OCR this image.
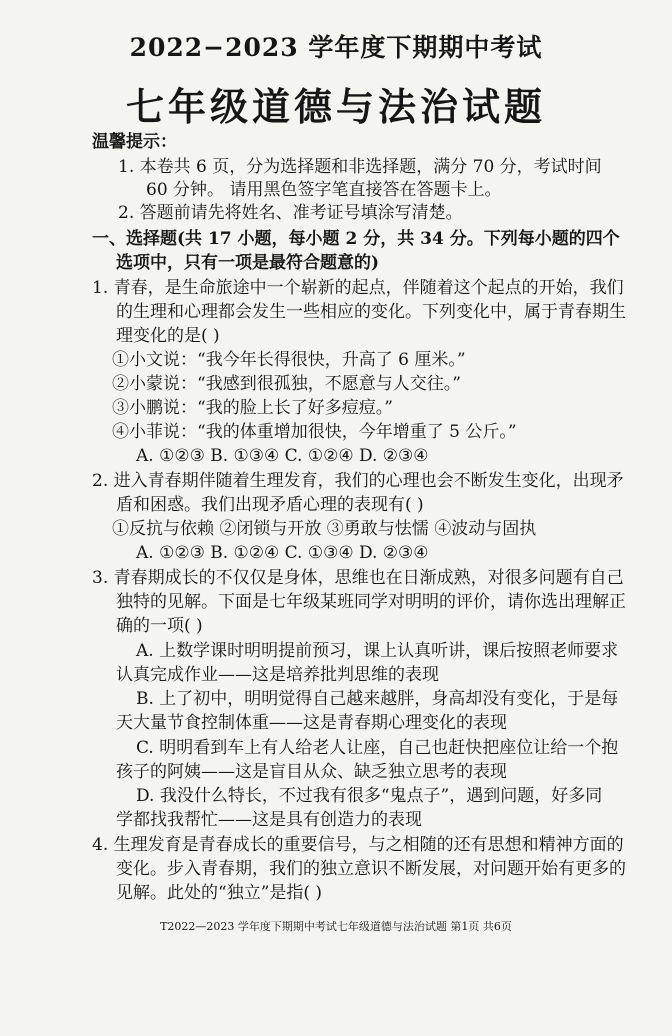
2022−2023 学年度下期期中考试
七年级道德与法治试题
温馨提示：
1. 本卷共 6 页，分为选择题和非选择题，满分 70 分，考试时间
60 分钟。 请用黑色签字笔直接答在答题卡上。
2. 答题前请先将姓名、准考证号填涂写清楚。
一、选择题(共 17 小题，每小题 2 分，共 34 分。下列每小题的四个
选项中，只有一项是最符合题意的)
1. 青春，是生命旅途中一个崭新的起点，伴随着这个起点的开始，我们
的生理和心理都会发生一些相应的变化。下列变化中，属于青春期生
理变化的是( )
①小文说：“我今年长得很快，升高了 6 厘米。”
②小蒙说：“我感到很孤独，不愿意与人交往。”
③小鹏说：“我的脸上长了好多痘痘。”
④小菲说：“我的体重增加很快，今年增重了 5 公斤。”
A. ①②③ B. ①③④ C. ①②④ D. ②③④
2. 进入青春期伴随着生理发育，我们的心理也会不断发生变化，出现矛
盾和困惑。我们出现矛盾心理的表现有( )
①反抗与依赖 ②闭锁与开放 ③勇敢与怯懦 ④波动与固执
A. ①②③ B. ①②④ C. ①③④ D. ②③④
3. 青春期成长的不仅仅是身体，思维也在日渐成熟，对很多问题有自己
独特的见解。下面是七年级某班同学对明明的评价，请你选出理解正
确的一项( )
A. 上数学课时明明提前预习，课上认真听讲，课后按照老师要求
认真完成作业——这是培养批判思维的表现
B. 上了初中，明明觉得自己越来越胖，身高却没有变化，于是每
天大量节食控制体重——这是青春期心理变化的表现
C. 明明看到车上有人给老人让座，自己也赶快把座位让给一个抱
孩子的阿姨——这是盲目从众、缺乏独立思考的表现
D. 我没什么特长，不过我有很多“鬼点子”，遇到问题，好多同
学都找我帮忙——这是具有创造力的表现
4. 生理发育是青春成长的重要信号，与之相随的还有思想和精神方面的
变化。步入青春期，我们的独立意识不断发展，对问题开始有更多的
见解。此处的“独立”是指( )
T2022—2023 学年度下期期中考试七年级道德与法治试题 第1页 共6页
